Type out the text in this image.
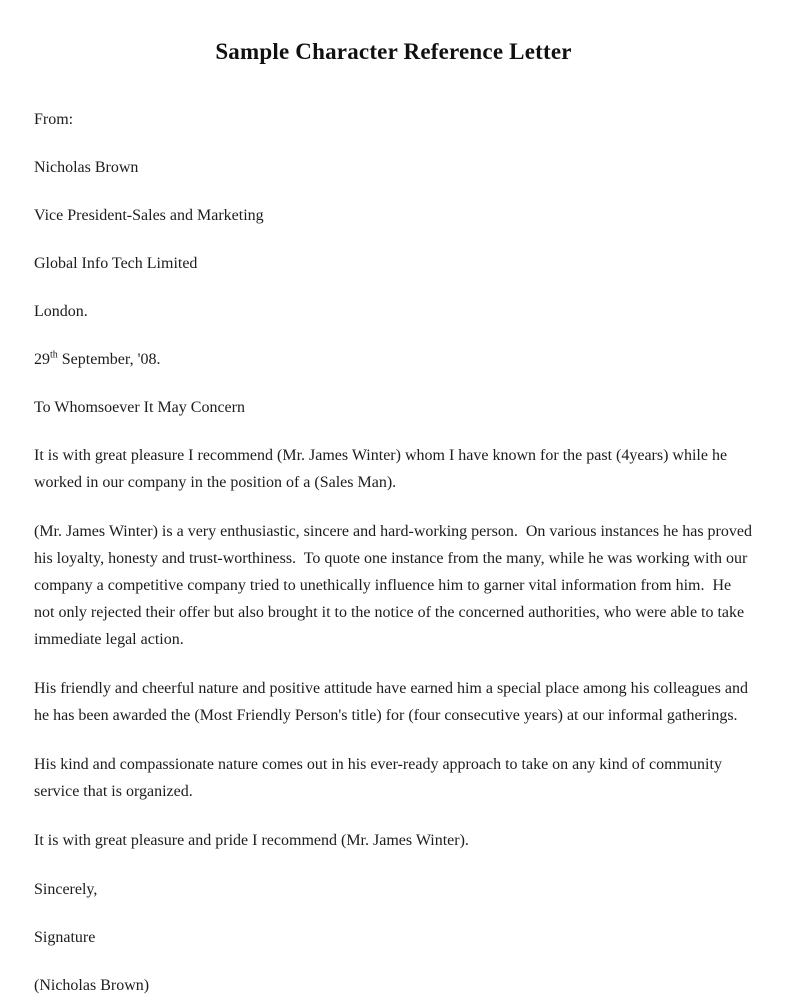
Sample Character Reference Letter

From:

Nicholas Brown

Vice President-Sales and Marketing

Global Info Tech Limited

London.

29th September, '08.

To Whomsoever It May Concern

It is with great pleasure I recommend (Mr. James Winter) whom I have known for the past (4years) while he worked in our company in the position of a (Sales Man).

(Mr. James Winter) is a very enthusiastic, sincere and hard-working person.  On various instances he has proved his loyalty, honesty and trust-worthiness.  To quote one instance from the many, while he was working with our company a competitive company tried to unethically influence him to garner vital information from him.  He not only rejected their offer but also brought it to the notice of the concerned authorities, who were able to take immediate legal action.

His friendly and cheerful nature and positive attitude have earned him a special place among his colleagues and he has been awarded the (Most Friendly Person's title) for (four consecutive years) at our informal gatherings.

His kind and compassionate nature comes out in his ever-ready approach to take on any kind of community service that is organized.

It is with great pleasure and pride I recommend (Mr. James Winter).

Sincerely,

Signature

(Nicholas Brown)
